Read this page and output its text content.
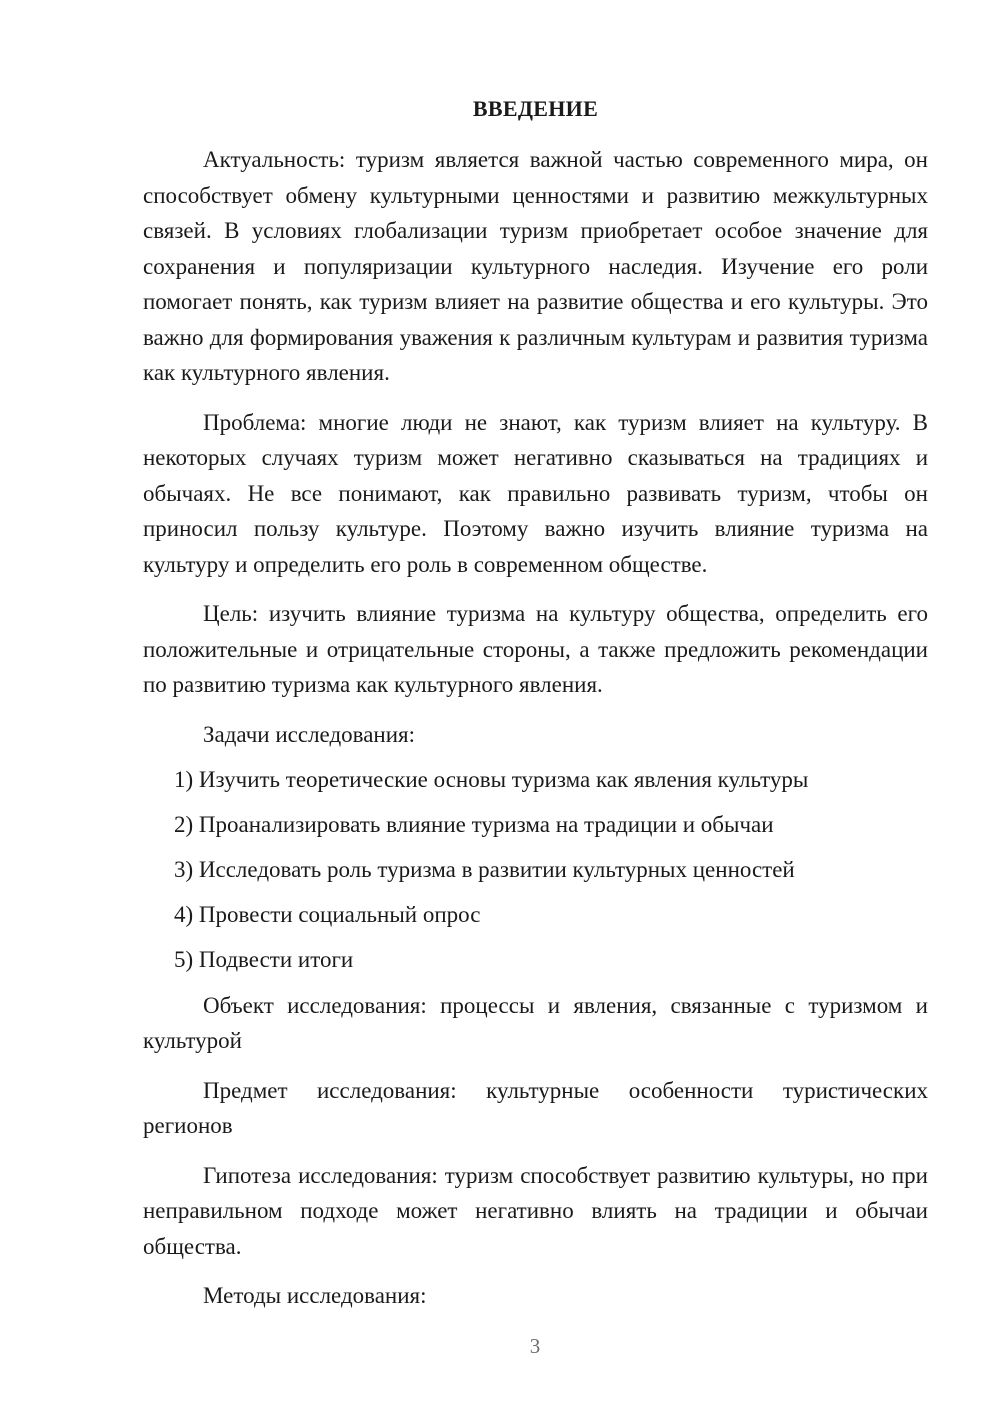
ВВЕДЕНИЕ

Актуальность: туризм является важной частью современного мира, он способствует обмену культурными ценностями и развитию межкультурных связей. В условиях глобализации туризм приобретает особое значение для сохранения и популяризации культурного наследия. Изучение его роли помогает понять, как туризм влияет на развитие общества и его культуры. Это важно для формирования уважения к различным культурам и развития туризма как культурного явления.

Проблема: многие люди не знают, как туризм влияет на культуру. В некоторых случаях туризм может негативно сказываться на традициях и обычаях. Не все понимают, как правильно развивать туризм, чтобы он приносил пользу культуре. Поэтому важно изучить влияние туризма на культуру и определить его роль в современном обществе.

Цель: изучить влияние туризма на культуру общества, определить его положительные и отрицательные стороны, а также предложить рекомендации по развитию туризма как культурного явления.

Задачи исследования:

1) Изучить теоретические основы туризма как явления культуры
2) Проанализировать влияние туризма на традиции и обычаи
3) Исследовать роль туризма в развитии культурных ценностей
4) Провести социальный опрос
5) Подвести итоги

Объект исследования: процессы и явления, связанные с туризмом и культурой

Предмет исследования: культурные особенности туристических регионов

Гипотеза исследования: туризм способствует развитию культуры, но при неправильном подходе может негативно влиять на традиции и обычаи общества.

Методы исследования:

3
